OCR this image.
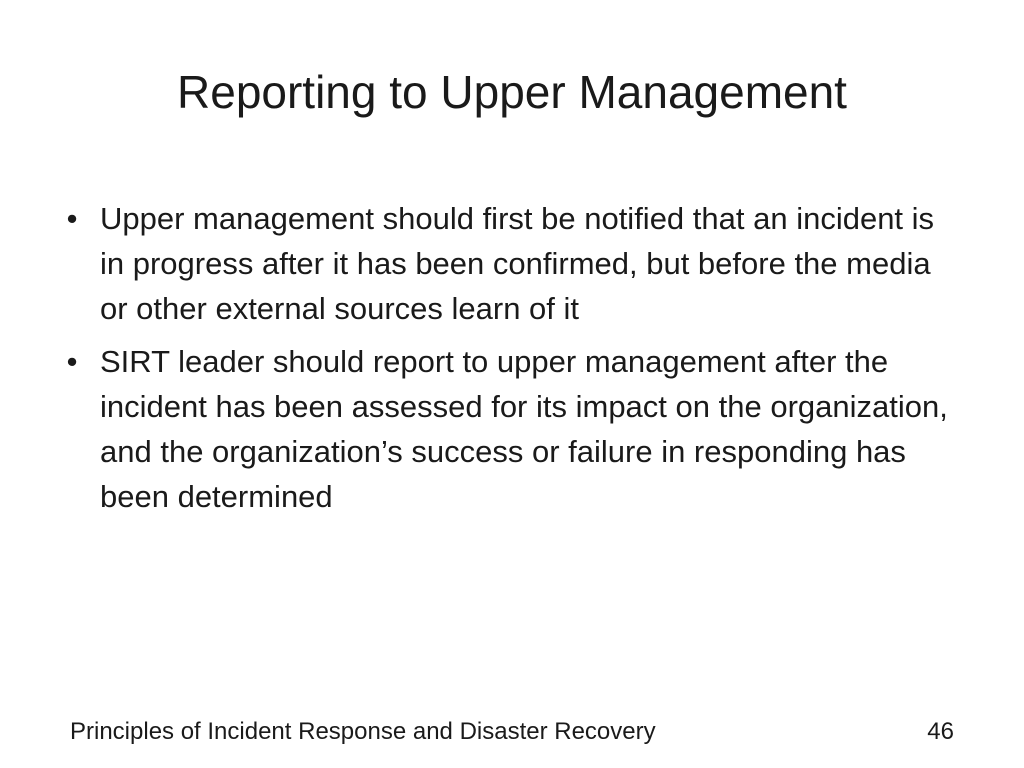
Reporting to Upper Management
• Upper management should first be notified that an incident is in progress after it has been confirmed, but before the media or other external sources learn of it
• SIRT leader should report to upper management after the incident has been assessed for its impact on the organization, and the organization’s success or failure in responding has been determined
Principles of Incident Response and Disaster Recovery	46
